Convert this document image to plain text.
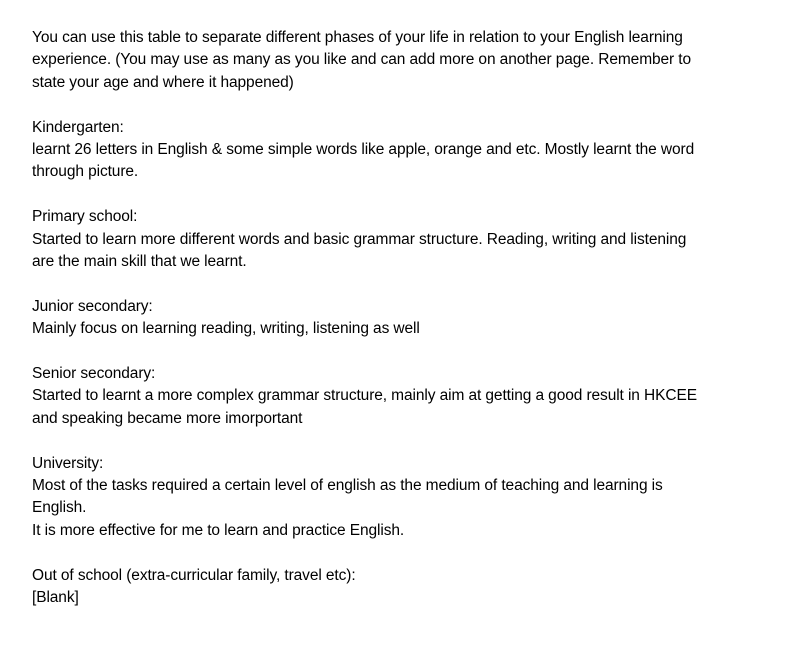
You can use this table to separate different phases of your life in relation to your English learning
experience. (You may use as many as you like and can add more on another page. Remember to
state your age and where it happened)
Kindergarten:
learnt 26 letters in English & some simple words like apple, orange and etc. Mostly learnt the word
through picture.
Primary school:
Started to learn more different words and basic grammar structure. Reading, writing and listening
are the main skill that we learnt.
Junior secondary:
Mainly focus on learning reading, writing, listening as well
Senior secondary:
Started to learnt a more complex grammar structure, mainly aim at getting a good result in HKCEE
and speaking became more imorportant
University:
Most of the tasks required a certain level of english as the medium of teaching and learning is
English.
It is more effective for me to learn and practice English.
Out of school (extra-curricular family, travel etc):
[Blank]
